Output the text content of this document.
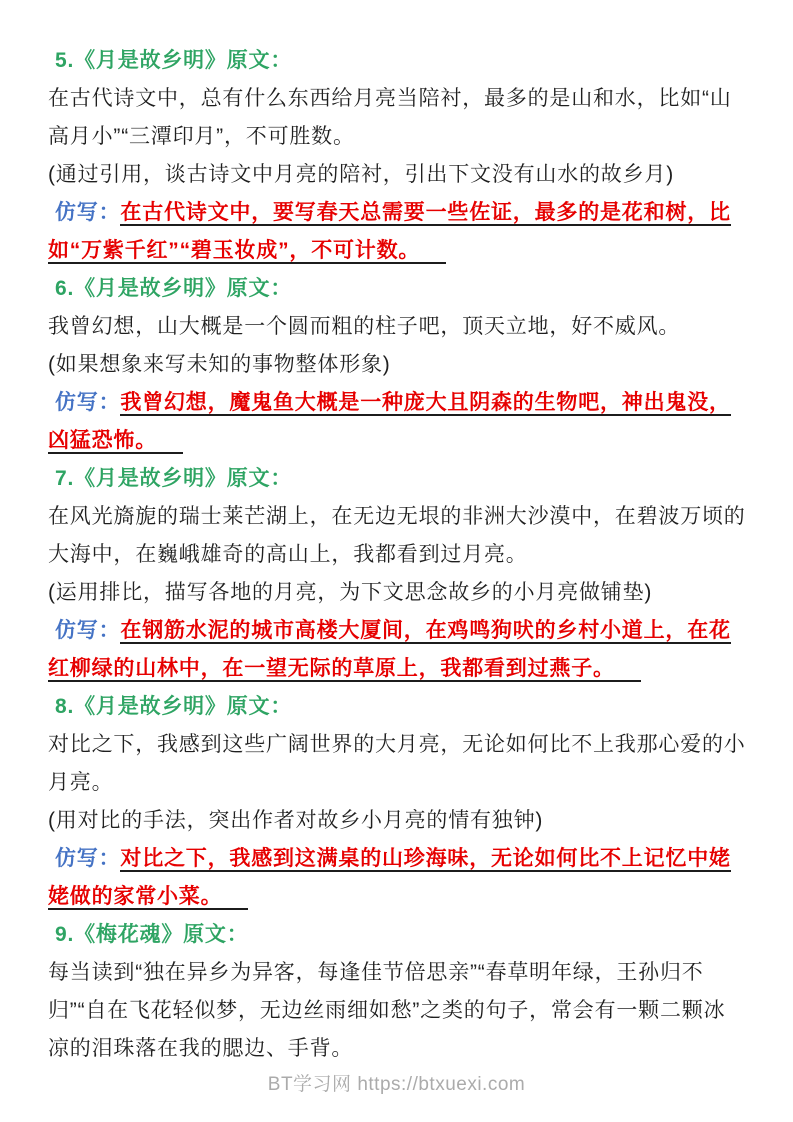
5.《月是故乡明》原文：

在古代诗文中，总有什么东西给月亮当陪衬，最多的是山和水，比如“山高月小”“三潭印月”，不可胜数。

(通过引用，谈古诗文中月亮的陪衬，引出下文没有山水的故乡月)

仿写：在古代诗文中，要写春天总需要一些佐证，最多的是花和树，比如“万紫千红”“碧玉妆成”，不可计数。

6.《月是故乡明》原文：

我曾幻想，山大概是一个圆而粗的柱子吧，顶天立地，好不威风。

(如果想象来写未知的事物整体形象)

仿写：我曾幻想，魔鬼鱼大概是一种庞大且阴森的生物吧，神出鬼没，凶猛恐怖。

7.《月是故乡明》原文：

在风光旖旎的瑞士莱芒湖上，在无边无垠的非洲大沙漠中，在碧波万顷的大海中，在巍峨雄奇的高山上，我都看到过月亮。

(运用排比，描写各地的月亮，为下文思念故乡的小月亮做铺垫)

仿写：在钢筋水泥的城市高楼大厦间，在鸡鸣狗吠的乡村小道上，在花红柳绿的山林中，在一望无际的草原上，我都看到过燕子。

8.《月是故乡明》原文：

对比之下，我感到这些广阔世界的大月亮，无论如何比不上我那心爱的小月亮。

(用对比的手法，突出作者对故乡小月亮的情有独钟)

仿写：对比之下，我感到这满桌的山珍海味，无论如何比不上记忆中姥姥做的家常小菜。

9.《梅花魂》原文：

每当读到“独在异乡为异客，每逢佳节倍思亲”“春草明年绿，王孙归不归”“自在飞花轻似梦，无边丝雨细如愁”之类的句子，常会有一颗二颗冰凉的泪珠落在我的腮边、手背。

BT学习网 https://btxuexi.com
